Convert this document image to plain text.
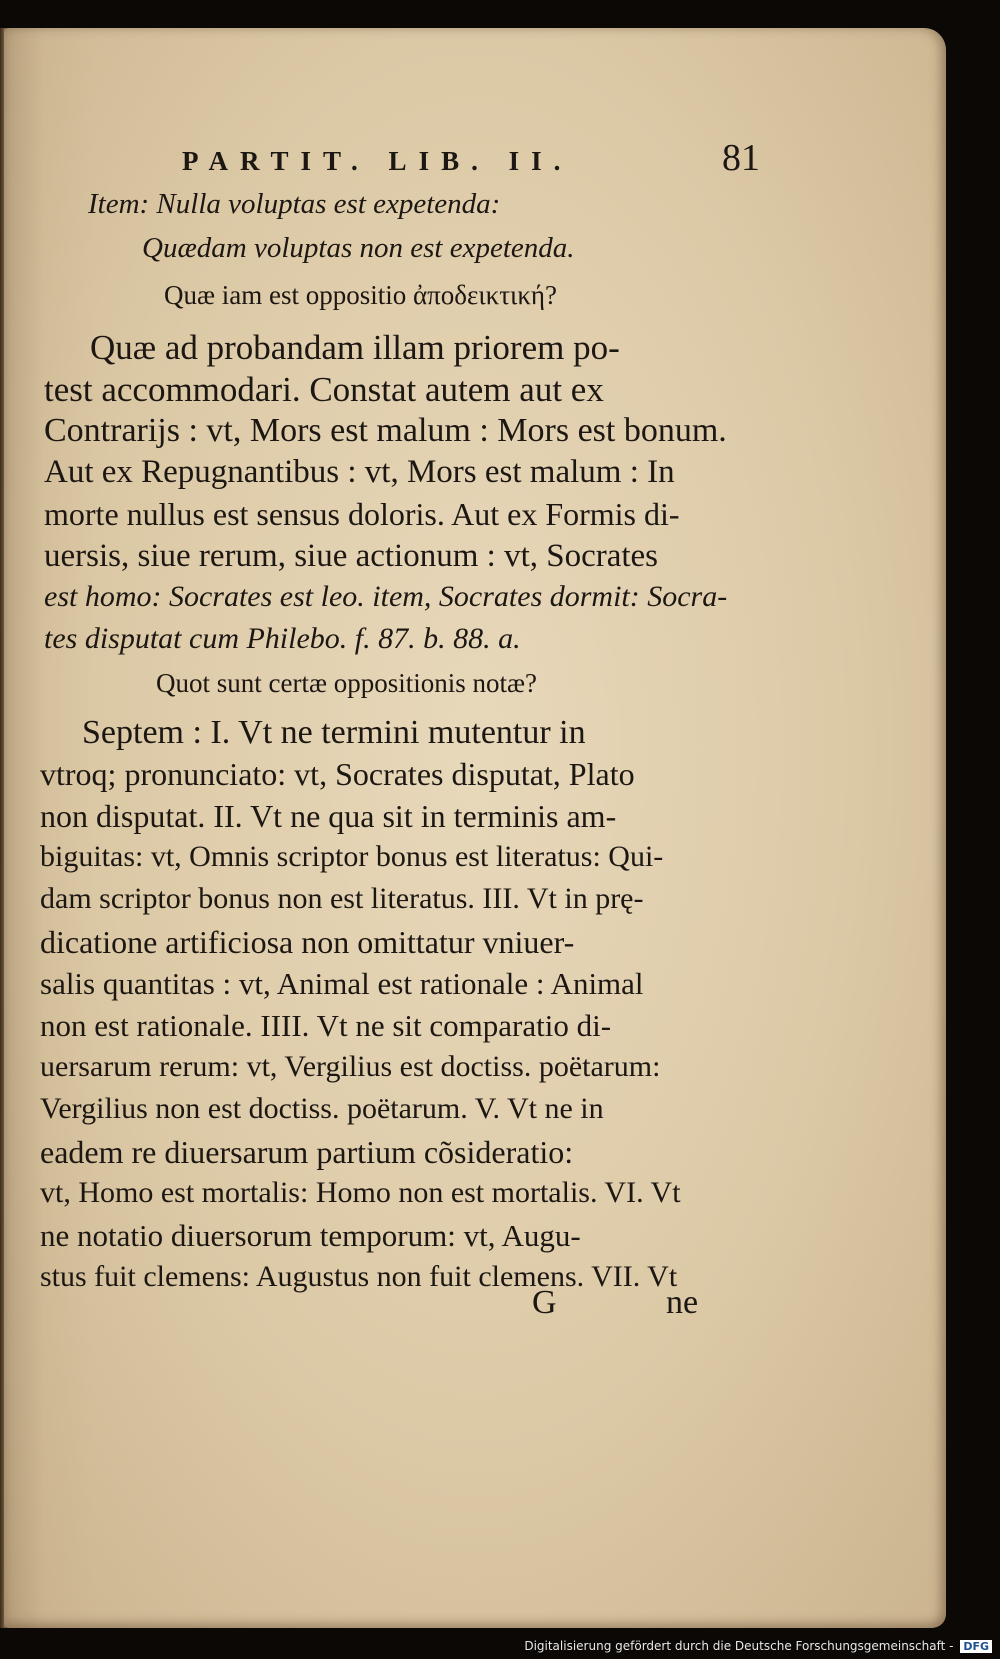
PARTIT. LIB. II.	81
Item: Nulla voluptas est expetenda:
Quædam voluptas non est expetenda.
Quæ iam est oppositio ἀποδεικτική?
Quæ ad probandam illam priorem po-
test accommodari. Constat autem aut ex
Contrarijs : vt, Mors est malum : Mors est bonum.
Aut ex Repugnantibus : vt, Mors est malum : In
morte nullus est sensus doloris. Aut ex Formis di-
uersis, siue rerum, siue actionum : vt, Socrates
est homo: Socrates est leo. item, Socrates dormit: Socra-
tes disputat cum Philebo. f. 87. b. 88. a.
Quot sunt certæ oppositionis notæ?
Septem : I. Vt ne termini mutentur in
vtroq; pronunciato: vt, Socrates disputat, Plato
non disputat. II. Vt ne qua sit in terminis am-
biguitas: vt, Omnis scriptor bonus est literatus: Qui-
dam scriptor bonus non est literatus. III. Vt in prę-
dicatione artificiosa non omittatur vniuer-
salis quantitas : vt, Animal est rationale : Animal
non est rationale. IIII. Vt ne sit comparatio di-
uersarum rerum: vt, Vergilius est doctiss. poëtarum:
Vergilius non est doctiss. poëtarum. V. Vt ne in
eadem re diuersarum partium cõsideratio:
vt, Homo est mortalis: Homo non est mortalis. VI. Vt
ne notatio diuersorum temporum: vt, Augu-
stus fuit clemens: Augustus non fuit clemens. VII. Vt
G	ne
Digitalisierung gefördert durch die Deutsche Forschungsgemeinschaft - DFG
